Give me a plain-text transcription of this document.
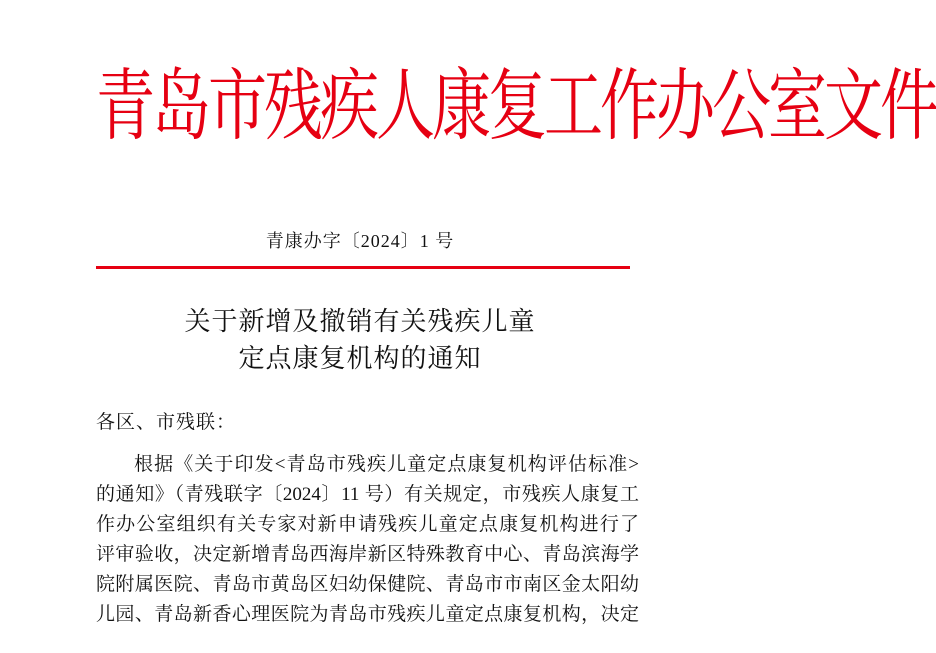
青岛市残疾人康复工作办公室文件
青康办字〔2024〕1 号
关于新增及撤销有关残疾儿童
定点康复机构的通知
各区、市残联：
根据《关于印发<青岛市残疾儿童定点康复机构评估标准>
的通知》（青残联字〔2024〕11 号）有关规定，市残疾人康复工
作办公室组织有关专家对新申请残疾儿童定点康复机构进行了
评审验收，决定新增青岛西海岸新区特殊教育中心、青岛滨海学
院附属医院、青岛市黄岛区妇幼保健院、青岛市市南区金太阳幼
儿园、青岛新香心理医院为青岛市残疾儿童定点康复机构，决定
